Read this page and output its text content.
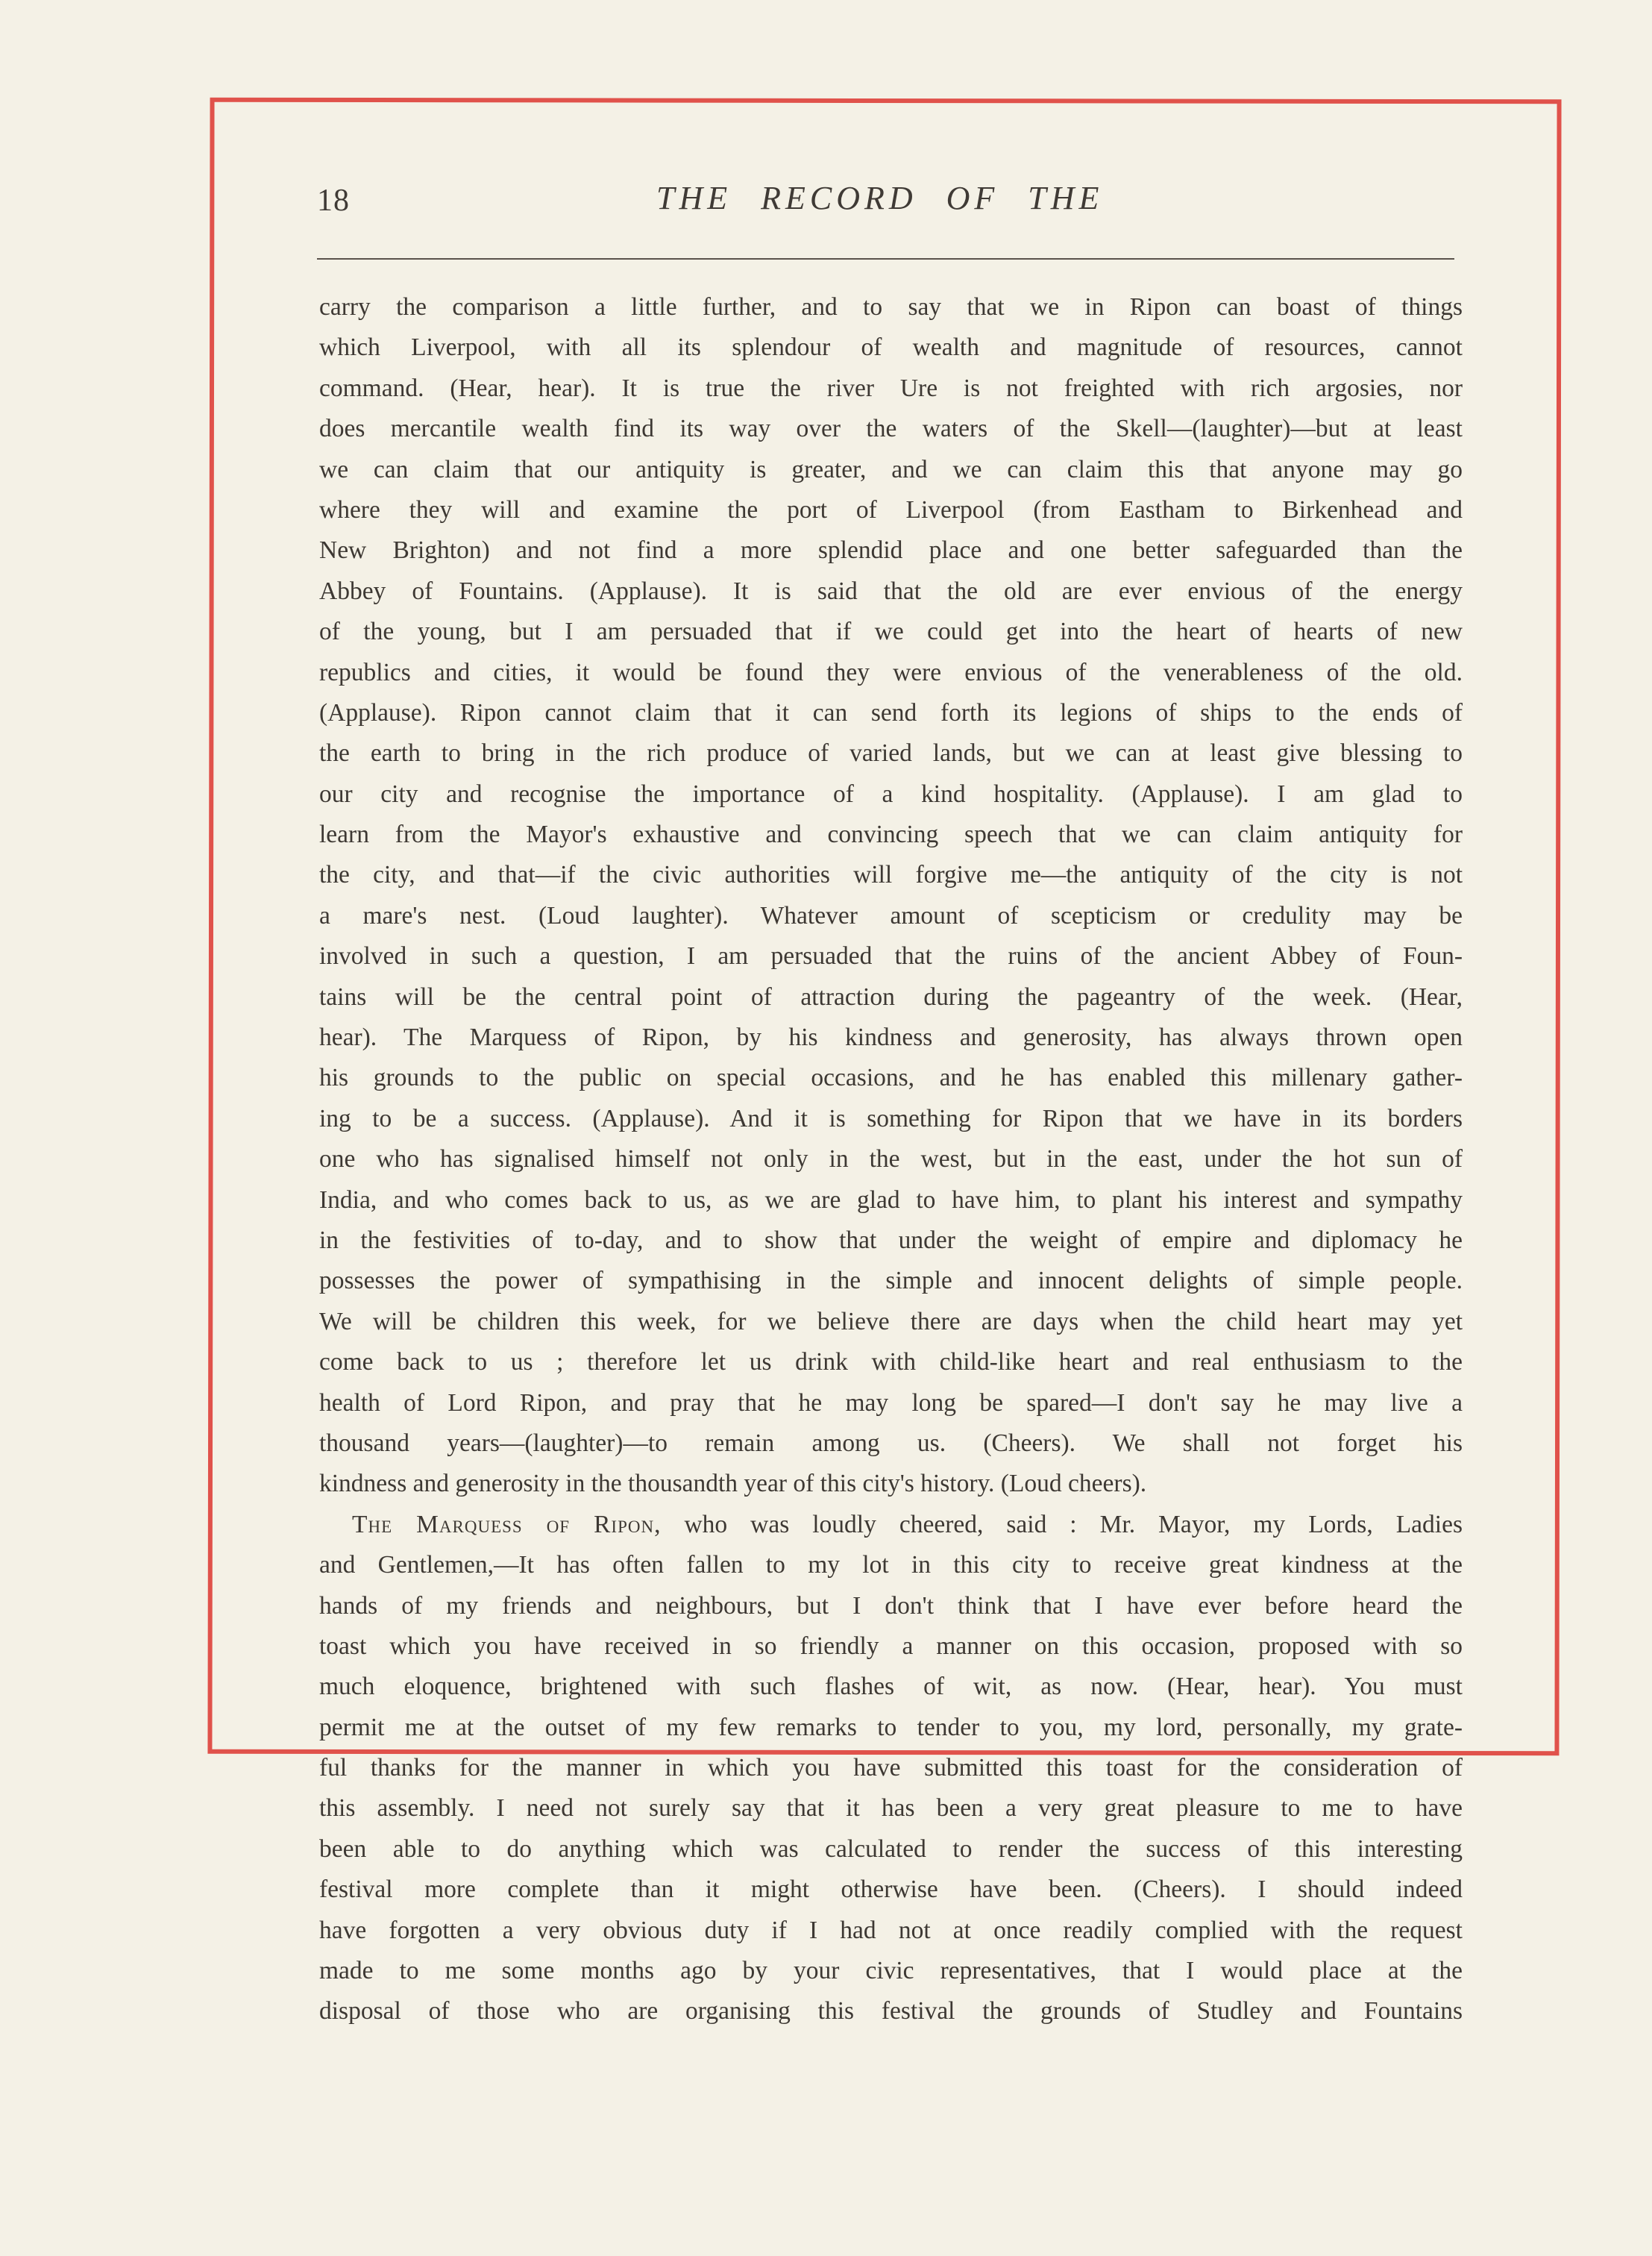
18	THE RECORD OF THE
carry the comparison a little further, and to say that we in Ripon can boast of things
which Liverpool, with all its splendour of wealth and magnitude of resources, cannot
command. (Hear, hear). It is true the river Ure is not freighted with rich argosies, nor
does mercantile wealth find its way over the waters of the Skell—(laughter)—but at least
we can claim that our antiquity is greater, and we can claim this that anyone may go
where they will and examine the port of Liverpool (from Eastham to Birkenhead and
New Brighton) and not find a more splendid place and one better safeguarded than the
Abbey of Fountains. (Applause). It is said that the old are ever envious of the energy
of the young, but I am persuaded that if we could get into the heart of hearts of new
republics and cities, it would be found they were envious of the venerableness of the old.
(Applause). Ripon cannot claim that it can send forth its legions of ships to the ends of
the earth to bring in the rich produce of varied lands, but we can at least give blessing to
our city and recognise the importance of a kind hospitality. (Applause). I am glad to
learn from the Mayor's exhaustive and convincing speech that we can claim antiquity for
the city, and that—if the civic authorities will forgive me—the antiquity of the city is not
a mare's nest. (Loud laughter). Whatever amount of scepticism or credulity may be
involved in such a question, I am persuaded that the ruins of the ancient Abbey of Foun-
tains will be the central point of attraction during the pageantry of the week. (Hear,
hear). The Marquess of Ripon, by his kindness and generosity, has always thrown open
his grounds to the public on special occasions, and he has enabled this millenary gather-
ing to be a success. (Applause). And it is something for Ripon that we have in its borders
one who has signalised himself not only in the west, but in the east, under the hot sun of
India, and who comes back to us, as we are glad to have him, to plant his interest and sympathy
in the festivities of to-day, and to show that under the weight of empire and diplomacy he
possesses the power of sympathising in the simple and innocent delights of simple people.
We will be children this week, for we believe there are days when the child heart may yet
come back to us ; therefore let us drink with child-like heart and real enthusiasm to the
health of Lord Ripon, and pray that he may long be spared—I don't say he may live a
thousand years—(laughter)—to remain among us. (Cheers). We shall not forget his
kindness and generosity in the thousandth year of this city's history. (Loud cheers).
The Marquess of Ripon, who was loudly cheered, said : Mr. Mayor, my Lords, Ladies
and Gentlemen,—It has often fallen to my lot in this city to receive great kindness at the
hands of my friends and neighbours, but I don't think that I have ever before heard the
toast which you have received in so friendly a manner on this occasion, proposed with so
much eloquence, brightened with such flashes of wit, as now. (Hear, hear). You must
permit me at the outset of my few remarks to tender to you, my lord, personally, my grate-
ful thanks for the manner in which you have submitted this toast for the consideration of
this assembly. I need not surely say that it has been a very great pleasure to me to have
been able to do anything which was calculated to render the success of this interesting
festival more complete than it might otherwise have been. (Cheers). I should indeed
have forgotten a very obvious duty if I had not at once readily complied with the request
made to me some months ago by your civic representatives, that I would place at the
disposal of those who are organising this festival the grounds of Studley and Fountains
